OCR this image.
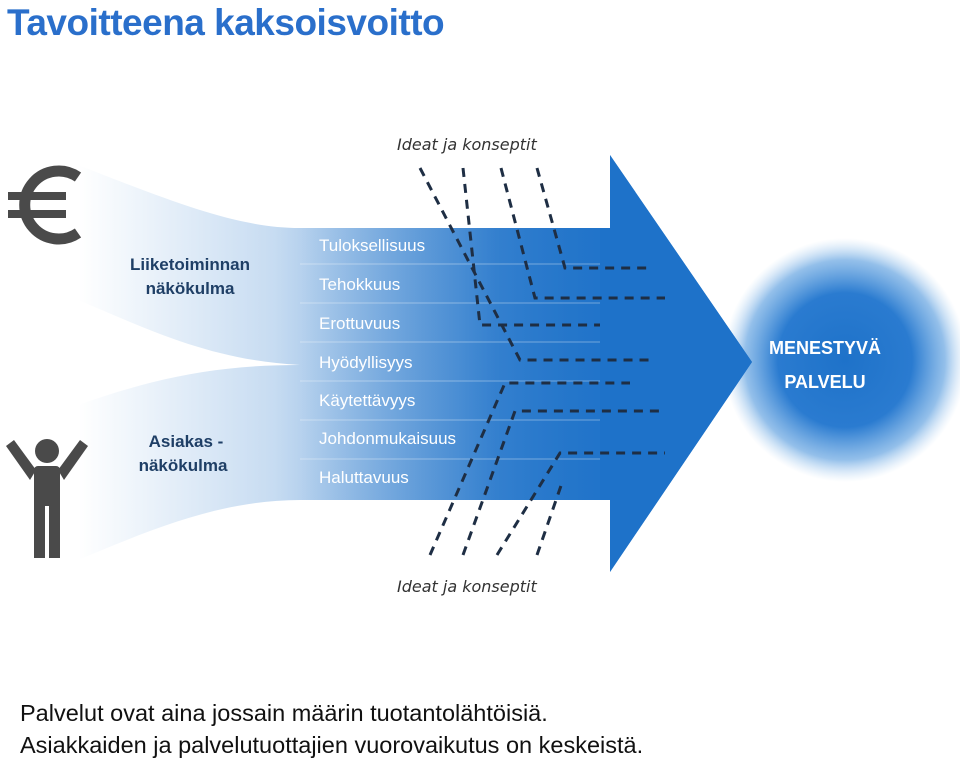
Tavoitteena kaksoisvoitto
Liiketoiminnan
näkökulma
Asiakas -
näkökulma
Tuloksellisuus
Tehokkuus
Erottuvuus
Hyödyllisyys
Käytettävyys
Johdonmukaisuus
Haluttavuus
Ideat ja konseptit
Ideat ja konseptit
MENESTYVÄ
PALVELU
Palvelut ovat aina jossain määrin tuotantolähtöisiä.
Asiakkaiden ja palvelutuottajien vuorovaikutus on keskeistä.
